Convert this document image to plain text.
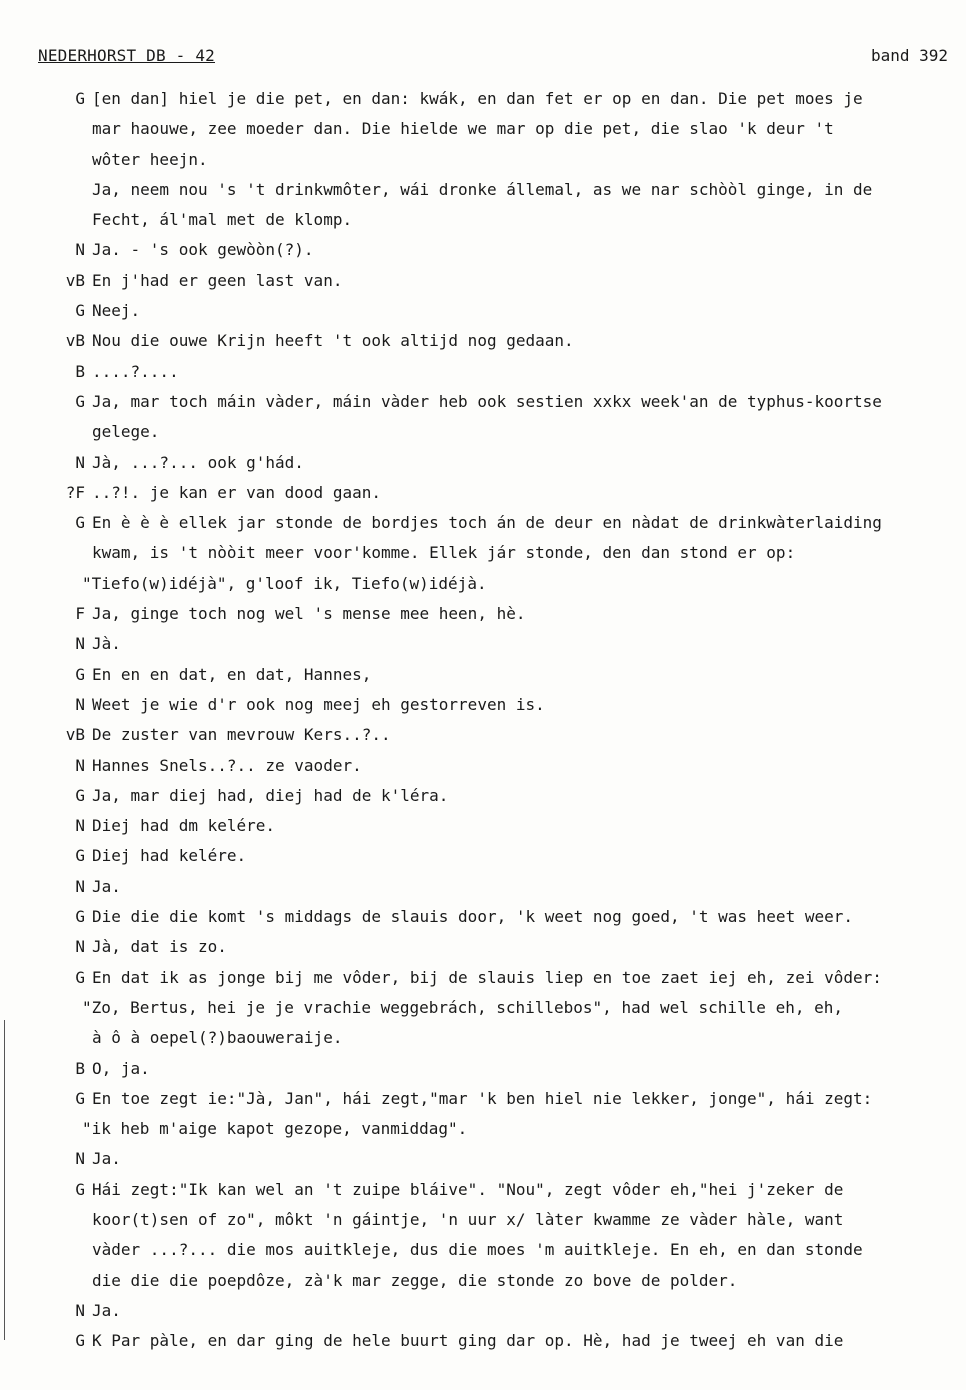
NEDERHORST DB - 42	band 392
G [en dan] hiel je die pet, en dan: kwák, en dan fet er op en dan. Die pet moes je
mar haouwe, zee moeder dan. Die hielde we mar op die pet, die slao 'k deur 't
wôter heejn.
Ja, neem nou 's 't drinkwmôter, wái dronke állemal, as we nar schòòl ginge, in de
Fecht, ál'mal met de klomp.
N Ja. - 's ook gewòòn(?).
vB En j'had er geen last van.
G Neej.
vB Nou die ouwe Krijn heeft 't ook altijd nog gedaan.
B ....?....
G Ja, mar toch máin vàder, máin vàder heb ook sestien xxkx week'an de typhus-koortse
gelege.
N Jà, ...?... ook g'hád.
?F ..?!. je kan er van dood gaan.
G En è è è ellek jar stonde de bordjes toch án de deur en nàdat de drinkwàterlaiding
kwam, is 't nòòit meer voor'komme. Ellek jár stonde, den dan stond er op:
"Tiefo(w)idéjà", g'loof ik, Tiefo(w)idéjà.
F Ja, ginge toch nog wel 's mense mee heen, hè.
N Jà.
G En en en dat, en dat, Hannes,
N Weet je wie d'r ook nog meej eh gestorreven is.
vB De zuster van mevrouw Kers..?..
N Hannes Snels..?.. ze vaoder.
G Ja, mar diej had, diej had de k'léra.
N Diej had dm kelére.
G Diej had kelére.
N Ja.
G Die die die komt 's middags de slauis door, 'k weet nog goed, 't was heet weer.
N Jà, dat is zo.
G En dat ik as jonge bij me vôder, bij de slauis liep en toe zaet iej eh, zei vôder:
"Zo, Bertus, hei je je vrachie weggebrách, schillebos", had wel schille eh, eh,
à ô à oepel(?)baouweraije.
B O, ja.
G En toe zegt ie:"Jà, Jan", hái zegt,"mar 'k ben hiel nie lekker, jonge", hái zegt:
"ik heb m'aige kapot gezope, vanmiddag".
N Ja.
G Hái zegt:"Ik kan wel an 't zuipe bláive". "Nou", zegt vôder eh,"hei j'zeker de
koor(t)sen of zo", môkt 'n gáintje, 'n uur x/ làter kwamme ze vàder hàle, want
vàder ...?... die mos auitkleje, dus die moes 'm auitkleje. En eh, en dan stonde
die die die poepdôze, zà'k mar zegge, die stonde zo bove de polder.
N Ja.
G K Par pàle, en dar ging de hele buurt ging dar op. Hè, had je tweej eh van die
